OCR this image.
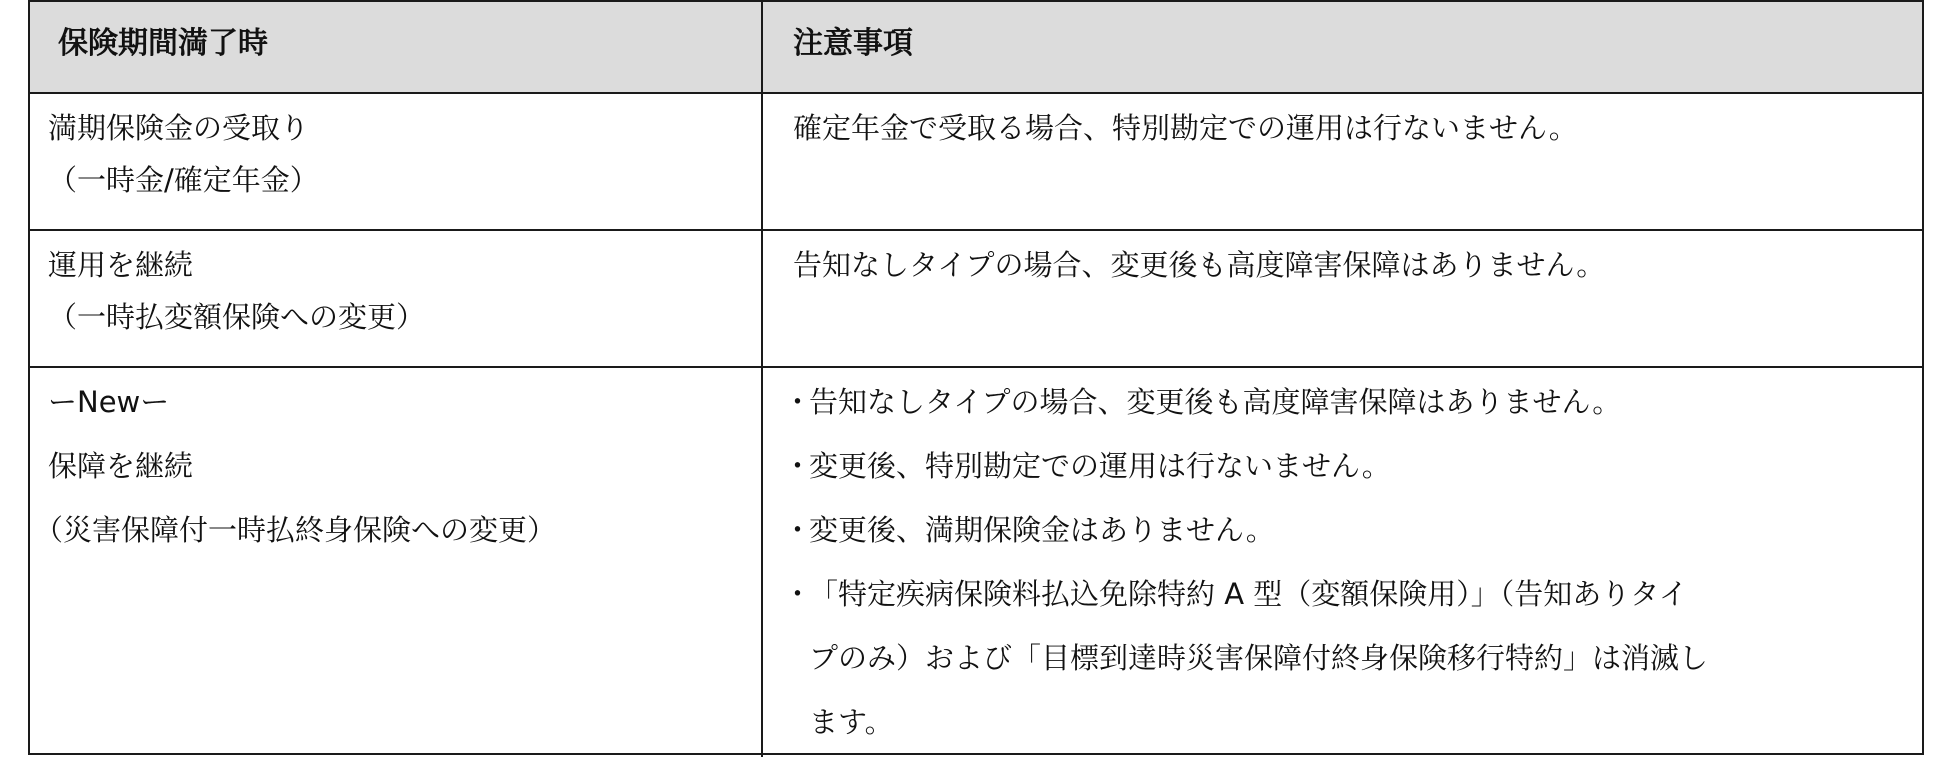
保険期間満了時	注意事項
満期保険金の受取り
（一時金/確定年金）
確定年金で受取る場合、特別勘定での運用は行ないません。
運用を継続
（一時払変額保険への変更）
告知なしタイプの場合、変更後も高度障害保障はありません。
ーNewー
保障を継続
（災害保障付一時払終身保険への変更）
・
告知なしタイプの場合、変更後も高度障害保障はありません。
・
変更後、特別勘定での運用は行ないません。
・
変更後、満期保険金はありません。
・
「特定疾病保険料払込免除特約 A 型（変額保険用）」（告知ありタイ
プのみ）および「目標到達時災害保障付終身保険移行特約」は消滅し
ます。
